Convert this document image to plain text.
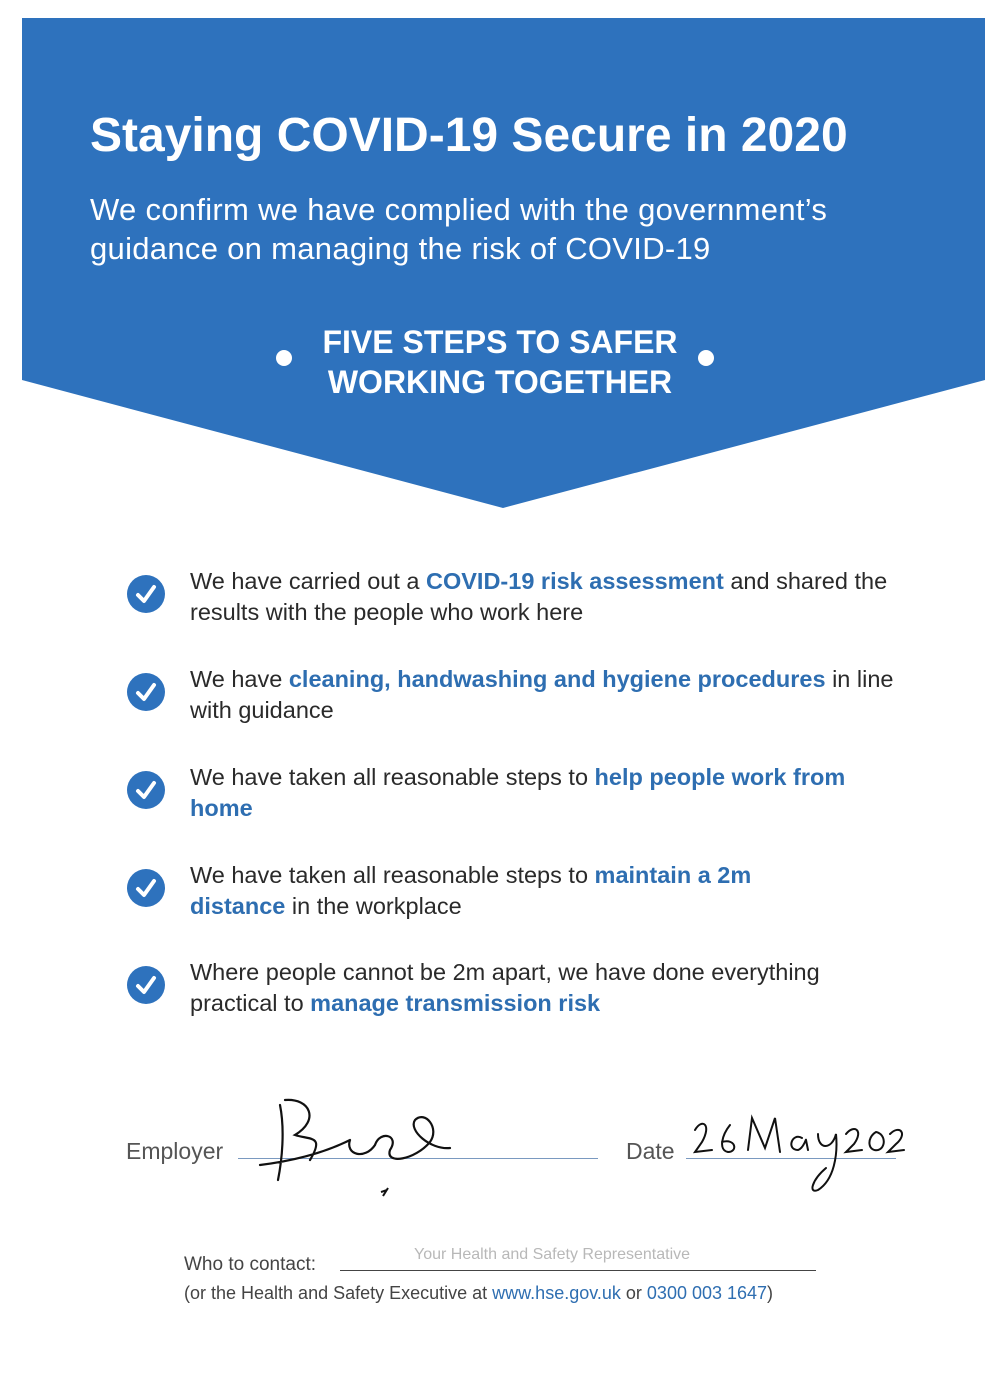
Staying COVID-19 Secure in 2020

We confirm we have complied with the government’s guidance on managing the risk of COVID-19

FIVE STEPS TO SAFER
WORKING TOGETHER
We have carried out a COVID-19 risk assessment and shared the results with the people who work here
We have cleaning, handwashing and hygiene procedures in line with guidance
We have taken all reasonable steps to help people work from home
We have taken all reasonable steps to maintain a 2m distance in the workplace
Where people cannot be 2m apart, we have done everything practical to manage transmission risk
Employer	Date
Who to contact:	Your Health and Safety Representative
(or the Health and Safety Executive at www.hse.gov.uk or 0300 003 1647)
